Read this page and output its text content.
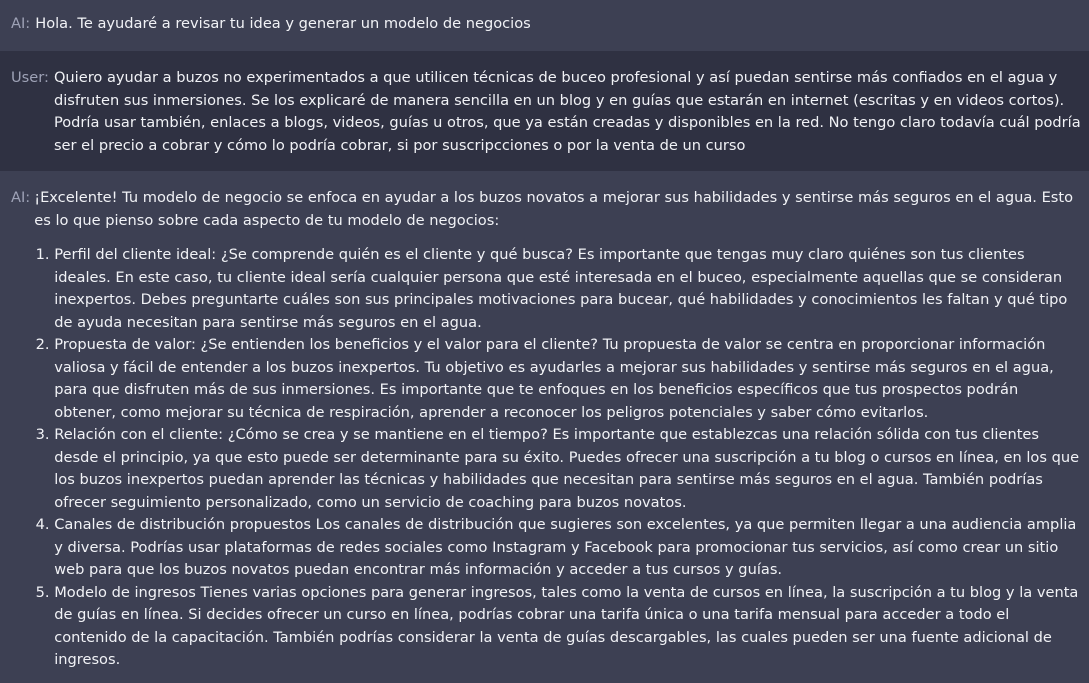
AI: Hola. Te ayudaré a revisar tu idea y generar un modelo de negocios
User: Quiero ayudar a buzos no experimentados a que utilicen técnicas de buceo profesional y así puedan sentirse más confiados en el agua y disfruten sus inmersiones. Se los explicaré de manera sencilla en un blog y en guías que estarán en internet (escritas y en videos cortos). Podría usar también, enlaces a blogs, videos, guías u otros, que ya están creadas y disponibles en la red. No tengo claro todavía cuál podría ser el precio a cobrar y cómo lo podría cobrar, si por suscripcciones o por la venta de un curso
AI: ¡Excelente! Tu modelo de negocio se enfoca en ayudar a los buzos novatos a mejorar sus habilidades y sentirse más seguros en el agua. Esto es lo que pienso sobre cada aspecto de tu modelo de negocios:

1. Perfil del cliente ideal: ¿Se comprende quién es el cliente y qué busca? Es importante que tengas muy claro quiénes son tus clientes ideales. En este caso, tu cliente ideal sería cualquier persona que esté interesada en el buceo, especialmente aquellas que se consideran inexpertos. Debes preguntarte cuáles son sus principales motivaciones para bucear, qué habilidades y conocimientos les faltan y qué tipo de ayuda necesitan para sentirse más seguros en el agua.
2. Propuesta de valor: ¿Se entienden los beneficios y el valor para el cliente? Tu propuesta de valor se centra en proporcionar información valiosa y fácil de entender a los buzos inexpertos. Tu objetivo es ayudarles a mejorar sus habilidades y sentirse más seguros en el agua, para que disfruten más de sus inmersiones. Es importante que te enfoques en los beneficios específicos que tus prospectos podrán obtener, como mejorar su técnica de respiración, aprender a reconocer los peligros potenciales y saber cómo evitarlos.
3. Relación con el cliente: ¿Cómo se crea y se mantiene en el tiempo? Es importante que establezcas una relación sólida con tus clientes desde el principio, ya que esto puede ser determinante para su éxito. Puedes ofrecer una suscripción a tu blog o cursos en línea, en los que los buzos inexpertos puedan aprender las técnicas y habilidades que necesitan para sentirse más seguros en el agua. También podrías ofrecer seguimiento personalizado, como un servicio de coaching para buzos novatos.
4. Canales de distribución propuestos Los canales de distribución que sugieres son excelentes, ya que permiten llegar a una audiencia amplia y diversa. Podrías usar plataformas de redes sociales como Instagram y Facebook para promocionar tus servicios, así como crear un sitio web para que los buzos novatos puedan encontrar más información y acceder a tus cursos y guías.
5. Modelo de ingresos Tienes varias opciones para generar ingresos, tales como la venta de cursos en línea, la suscripción a tu blog y la venta de guías en línea. Si decides ofrecer un curso en línea, podrías cobrar una tarifa única o una tarifa mensual para acceder a todo el contenido de la capacitación. También podrías considerar la venta de guías descargables, las cuales pueden ser una fuente adicional de ingresos.
